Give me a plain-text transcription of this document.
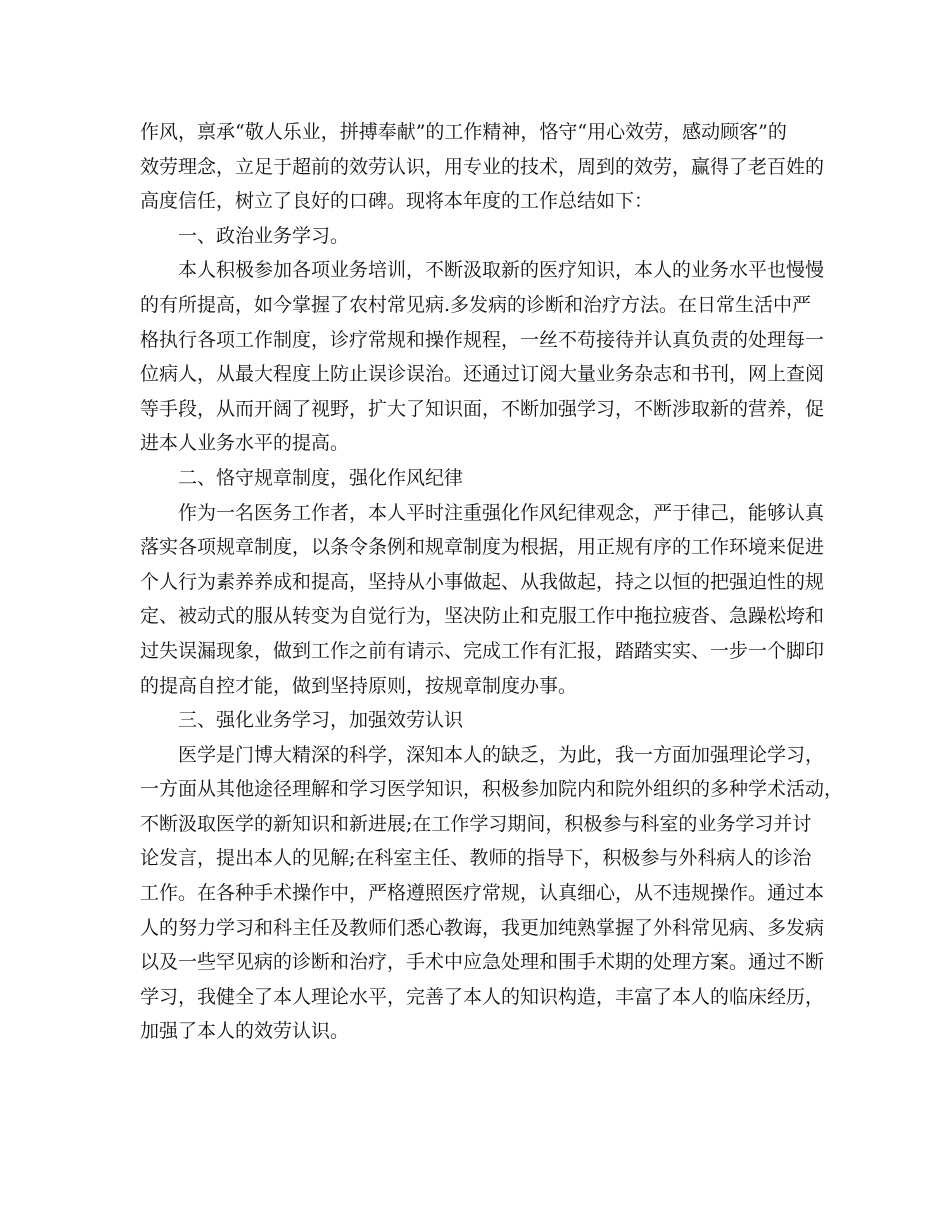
作风，禀承“敬人乐业，拼搏奉献”的工作精神，恪守“用心效劳，感动顾客”的
效劳理念，立足于超前的效劳认识，用专业的技术，周到的效劳，赢得了老百姓的
高度信任，树立了良好的口碑。现将本年度的工作总结如下：
一、政治业务学习。
本人积极参加各项业务培训，不断汲取新的医疗知识，本人的业务水平也慢慢
的有所提高，如今掌握了农村常见病.多发病的诊断和治疗方法。在日常生活中严
格执行各项工作制度，诊疗常规和操作规程，一丝不苟接待并认真负责的处理每一
位病人，从最大程度上防止误诊误治。还通过订阅大量业务杂志和书刊，网上查阅
等手段，从而开阔了视野，扩大了知识面，不断加强学习，不断涉取新的营养，促
进本人业务水平的提高。
二、恪守规章制度，强化作风纪律
作为一名医务工作者，本人平时注重强化作风纪律观念，严于律己，能够认真
落实各项规章制度，以条令条例和规章制度为根据，用正规有序的工作环境来促进
个人行为素养养成和提高，坚持从小事做起、从我做起，持之以恒的把强迫性的规
定、被动式的服从转变为自觉行为，坚决防止和克服工作中拖拉疲沓、急躁松垮和
过失误漏现象，做到工作之前有请示、完成工作有汇报，踏踏实实、一步一个脚印
的提高自控才能，做到坚持原则，按规章制度办事。
三、强化业务学习，加强效劳认识
医学是门博大精深的科学，深知本人的缺乏，为此，我一方面加强理论学习，
一方面从其他途径理解和学习医学知识，积极参加院内和院外组织的多种学术活动，
不断汲取医学的新知识和新进展;在工作学习期间，积极参与科室的业务学习并讨
论发言，提出本人的见解;在科室主任、教师的指导下，积极参与外科病人的诊治
工作。在各种手术操作中，严格遵照医疗常规，认真细心，从不违规操作。通过本
人的努力学习和科主任及教师们悉心教诲，我更加纯熟掌握了外科常见病、多发病
以及一些罕见病的诊断和治疗，手术中应急处理和围手术期的处理方案。通过不断
学习，我健全了本人理论水平，完善了本人的知识构造，丰富了本人的临床经历，
加强了本人的效劳认识。
